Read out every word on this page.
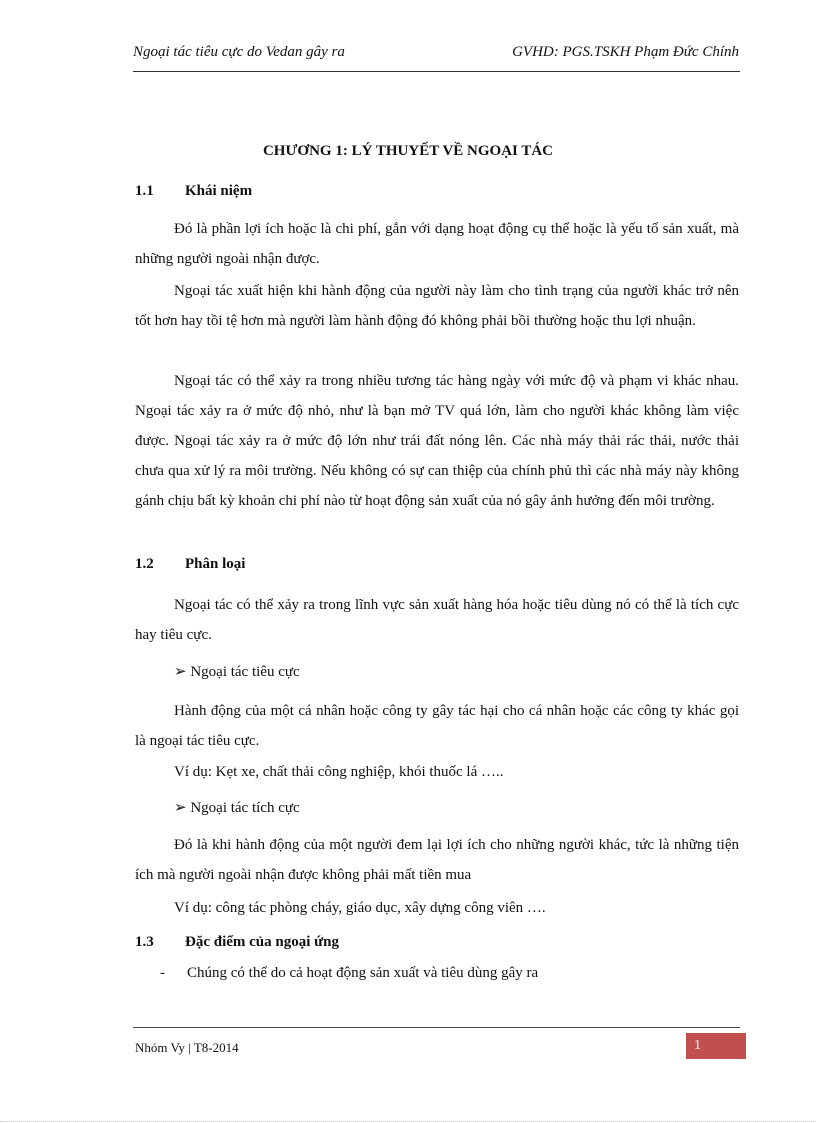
Ngoại tác tiêu cực do Vedan gây ra	GVHD: PGS.TSKH Phạm Đức Chính
CHƯƠNG 1: LÝ THUYẾT VỀ NGOẠI TÁC
1.1 Khái niệm
Đó là phần lợi ích hoặc là chi phí, gắn với dạng hoạt động cụ thể hoặc là yếu tố sản xuất, mà những người ngoài nhận được.
Ngoại tác xuất hiện khi hành động của người này làm cho tình trạng của người khác trở nên tốt hơn hay tồi tệ hơn mà người làm hành động đó không phải bồi thường hoặc thu lợi nhuận.
Ngoại tác có thể xảy ra trong nhiều tương tác hàng ngày với mức độ và phạm vi khác nhau. Ngoại tác xảy ra ở mức độ nhỏ, như là bạn mở TV quá lớn, làm cho người khác không làm việc được. Ngoại tác xảy ra ở mức độ lớn như trái đất nóng lên. Các nhà máy thải rác thải, nước thải chưa qua xử lý ra môi trường. Nếu không có sự can thiệp của chính phủ thì các nhà máy này không gánh chịu bất kỳ khoản chi phí nào từ hoạt động sản xuất của nó gây ảnh hưởng đến môi trường.
1.2 Phân loại
Ngoại tác có thể xảy ra trong lĩnh vực sản xuất hàng hóa hoặc tiêu dùng nó có thể là tích cực hay tiêu cực.
➢ Ngoại tác tiêu cực
Hành động của một cá nhân hoặc công ty gây tác hại cho cá nhân hoặc các công ty khác gọi là ngoại tác tiêu cực.
Ví dụ: Kẹt xe, chất thải công nghiệp, khói thuốc lá …..
➢ Ngoại tác tích cực
Đó là khi hành động của một người đem lại lợi ích cho những người khác, tức là những tiện ích mà người ngoài nhận được không phải mất tiền mua
Ví dụ: công tác phòng cháy, giáo dục, xây dựng công viên ….
1.3 Đặc điểm của ngoại ứng
- Chúng có thể do cả hoạt động sản xuất và tiêu dùng gây ra
Nhóm Vy | T8-2014	1
